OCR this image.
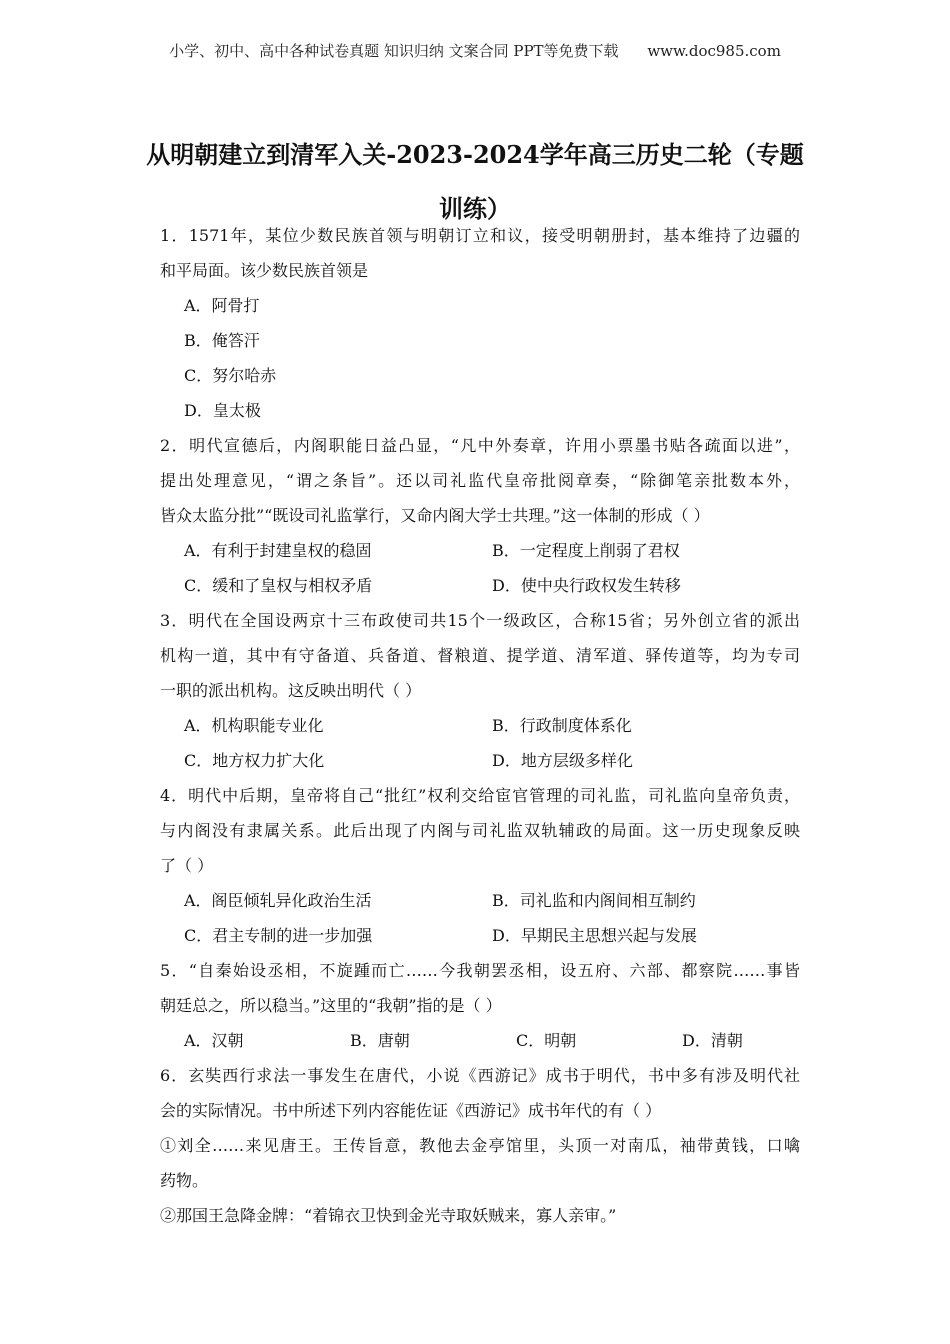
小学、初中、高中各种试卷真题 知识归纳 文案合同 PPT等免费下载 www.doc985.com
从明朝建立到清军入关-2023-2024学年高三历史二轮（专题
训练）
1．1571年，某位少数民族首领与明朝订立和议，接受明朝册封，基本维持了边疆的
和平局面。该少数民族首领是
A．阿骨打
B．俺答汗
C．努尔哈赤
D．皇太极
2．明代宣德后，内阁职能日益凸显，“凡中外奏章，许用小票墨书贴各疏面以进”，
提出处理意见，“谓之条旨”。还以司礼监代皇帝批阅章奏，“除御笔亲批数本外，
皆众太监分批”“既设司礼监掌行，又命内阁大学士共理。”这一体制的形成（ ）
A．有利于封建皇权的稳固	B．一定程度上削弱了君权
C．缓和了皇权与相权矛盾	D．使中央行政权发生转移
3．明代在全国设两京十三布政使司共15个一级政区，合称15省；另外创立省的派出
机构一道，其中有守备道、兵备道、督粮道、提学道、清军道、驿传道等，均为专司
一职的派出机构。这反映出明代（ ）
A．机构职能专业化	B．行政制度体系化
C．地方权力扩大化	D．地方层级多样化
4．明代中后期，皇帝将自己“批红”权利交给宦官管理的司礼监，司礼监向皇帝负责，
与内阁没有隶属关系。此后出现了内阁与司礼监双轨辅政的局面。这一历史现象反映
了（ ）
A．阁臣倾轧异化政治生活	B．司礼监和内阁间相互制约
C．君主专制的进一步加强	D．早期民主思想兴起与发展
5．“自秦始设丞相，不旋踵而亡……今我朝罢丞相，设五府、六部、都察院……事皆
朝廷总之，所以稳当。”这里的“我朝”指的是（ ）
A．汉朝	B．唐朝	C．明朝	D．清朝
6．玄奘西行求法一事发生在唐代，小说《西游记》成书于明代，书中多有涉及明代社
会的实际情况。书中所述下列内容能佐证《西游记》成书年代的有（ ）
①刘全……来见唐王。王传旨意，教他去金亭馆里，头顶一对南瓜，袖带黄钱，口噙
药物。
②那国王急降金牌：“着锦衣卫快到金光寺取妖贼来，寡人亲审。”
